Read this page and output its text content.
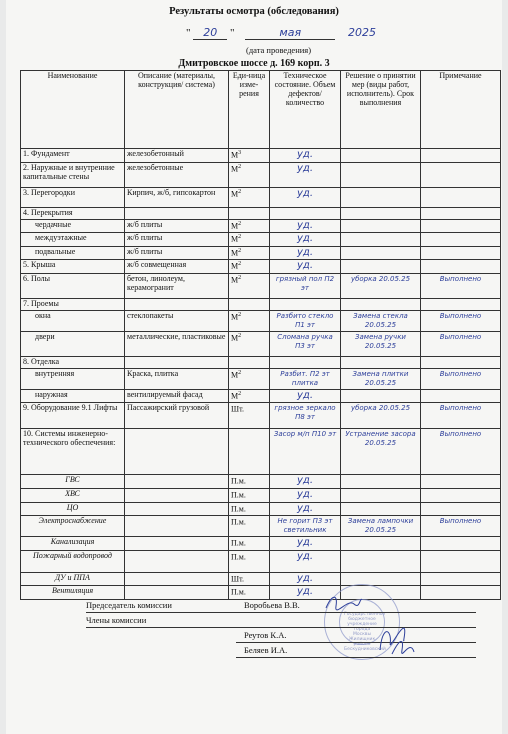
Результаты осмотра (обследования)
" 20 "	мая	2025
(дата проведения)
Дмитровское шоссе д. 169 корп. 3
Наименование	Описание (материалы, конструкция/ система)	Еди-ница изме-рения	Техническое состояние. Объем дефектов/ количество	Решение о принятии мер (виды работ, исполнитель). Срок выполнения	Примечание
1. Фундамент	железобетонный	$М^3$	уд.		
2. Наружные и внутренние капитальные стены	железобетонные	$М^2$	уд.		
3. Перегородки	Кирпич, ж/б, гипсокартон	$М^2$	уд.		
4. Перекрытия					
чердачные	ж/б плиты	$М^2$	уд.		
междуэтажные	ж/б плиты	$М^2$	уд.		
подвальные	ж/б плиты	$М^2$	уд.		
5. Крыша	ж/б совмещенная	$М^2$	уд.		
6. Полы	бетон, линолеум, керамогранит	$М^2$	грязный пол П2 эт	уборка 20.05.25	Выполнено
7. Проемы					
окна	стеклопакеты	$М^2$	Разбито стекло П1 эт	Замена стекла 20.05.25	Выполнено
двери	металлические, пластиковые	$М^2$	Сломана ручка П3 эт	Замена ручки 20.05.25	Выполнено
8. Отделка					
внутренняя	Краска, плитка	$М^2$	Разбит. П2 эт плитка	Замена плитки 20.05.25	Выполнено
наружная	вентилируемый фасад	$М^2$	уд.		
9. Оборудование 9.1 Лифты	Пассажирский грузовой	Шт.	грязное зеркало П8 эт	уборка 20.05.25	Выполнено
10. Системы инженерно-технического обеспечения:			Засор м/п П10 эт	Устранение засора 20.05.25	Выполнено
ГВС		П.м.	уд.		
ХВС		П.м.	уд.		
ЦО		П.м.	уд.		
Электроснабжение		П.м.	Не горит П3 эт светильник	Замена лампочки 20.05.25	Выполнено
Канализация		П.м.	уд.		
Пожарный водопровод		П.м.	уд.		
ДУ и ППА		Шт.	уд.		
Вентиляция		П.м.	уд.		
Государственное бюджетное учреждение города Москвы Жилищник района Бескудниковский
Председатель комиссии	Воробьева В.В.
Члены комиссии
Реутов К.А.
Беляев И.А.
